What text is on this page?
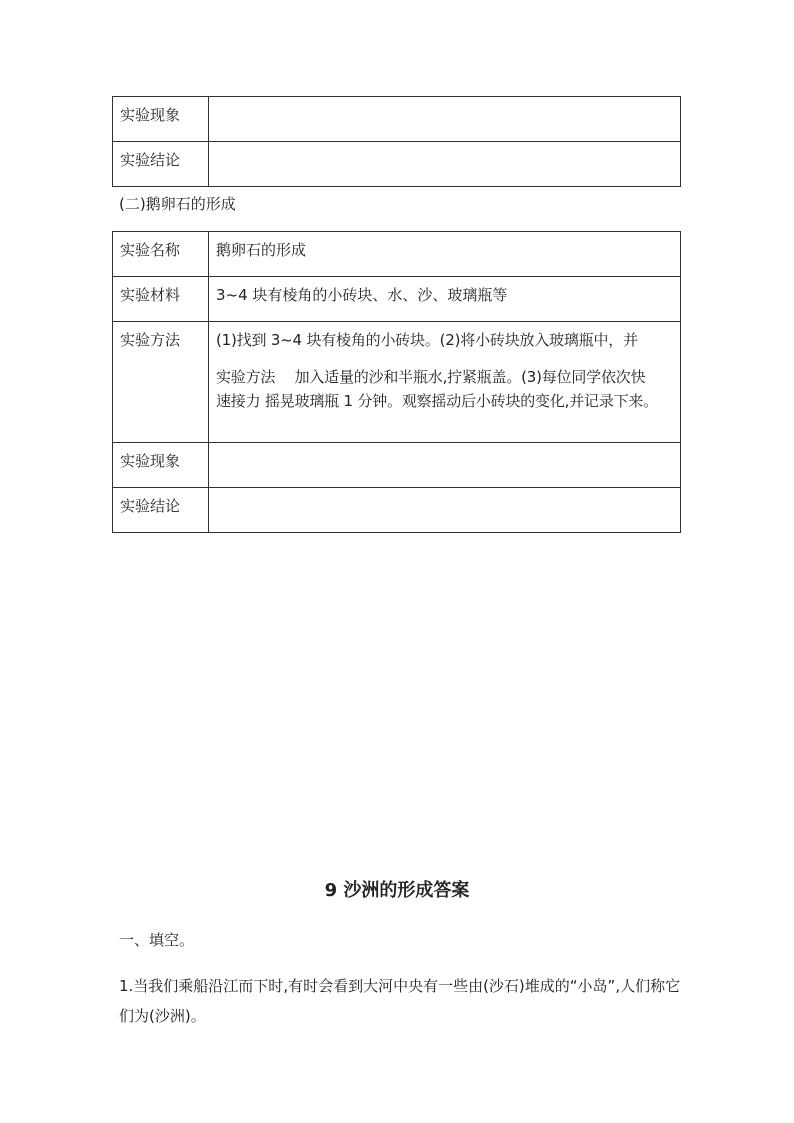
实验现象	
实验结论	

(二)鹅卵石的形成

实验名称	鹅卵石的形成
实验材料	3~4 块有棱角的小砖块、水、沙、玻璃瓶等
实验方法	(1)找到 3~4 块有棱角的小砖块。(2)将小砖块放入玻璃瓶中，并

实验方法　 加入适量的沙和半瓶水,拧紧瓶盖。(3)每位同学依次快

速接力 摇晃玻璃瓶 1 分钟。观察摇动后小砖块的变化,并记录下来。

实验现象	
实验结论	
9 沙洲的形成答案

一、填空。

1.当我们乘船沿江而下时,有时会看到大河中央有一些由(沙石)堆成的“小岛”,人们称它们为(沙洲)。
